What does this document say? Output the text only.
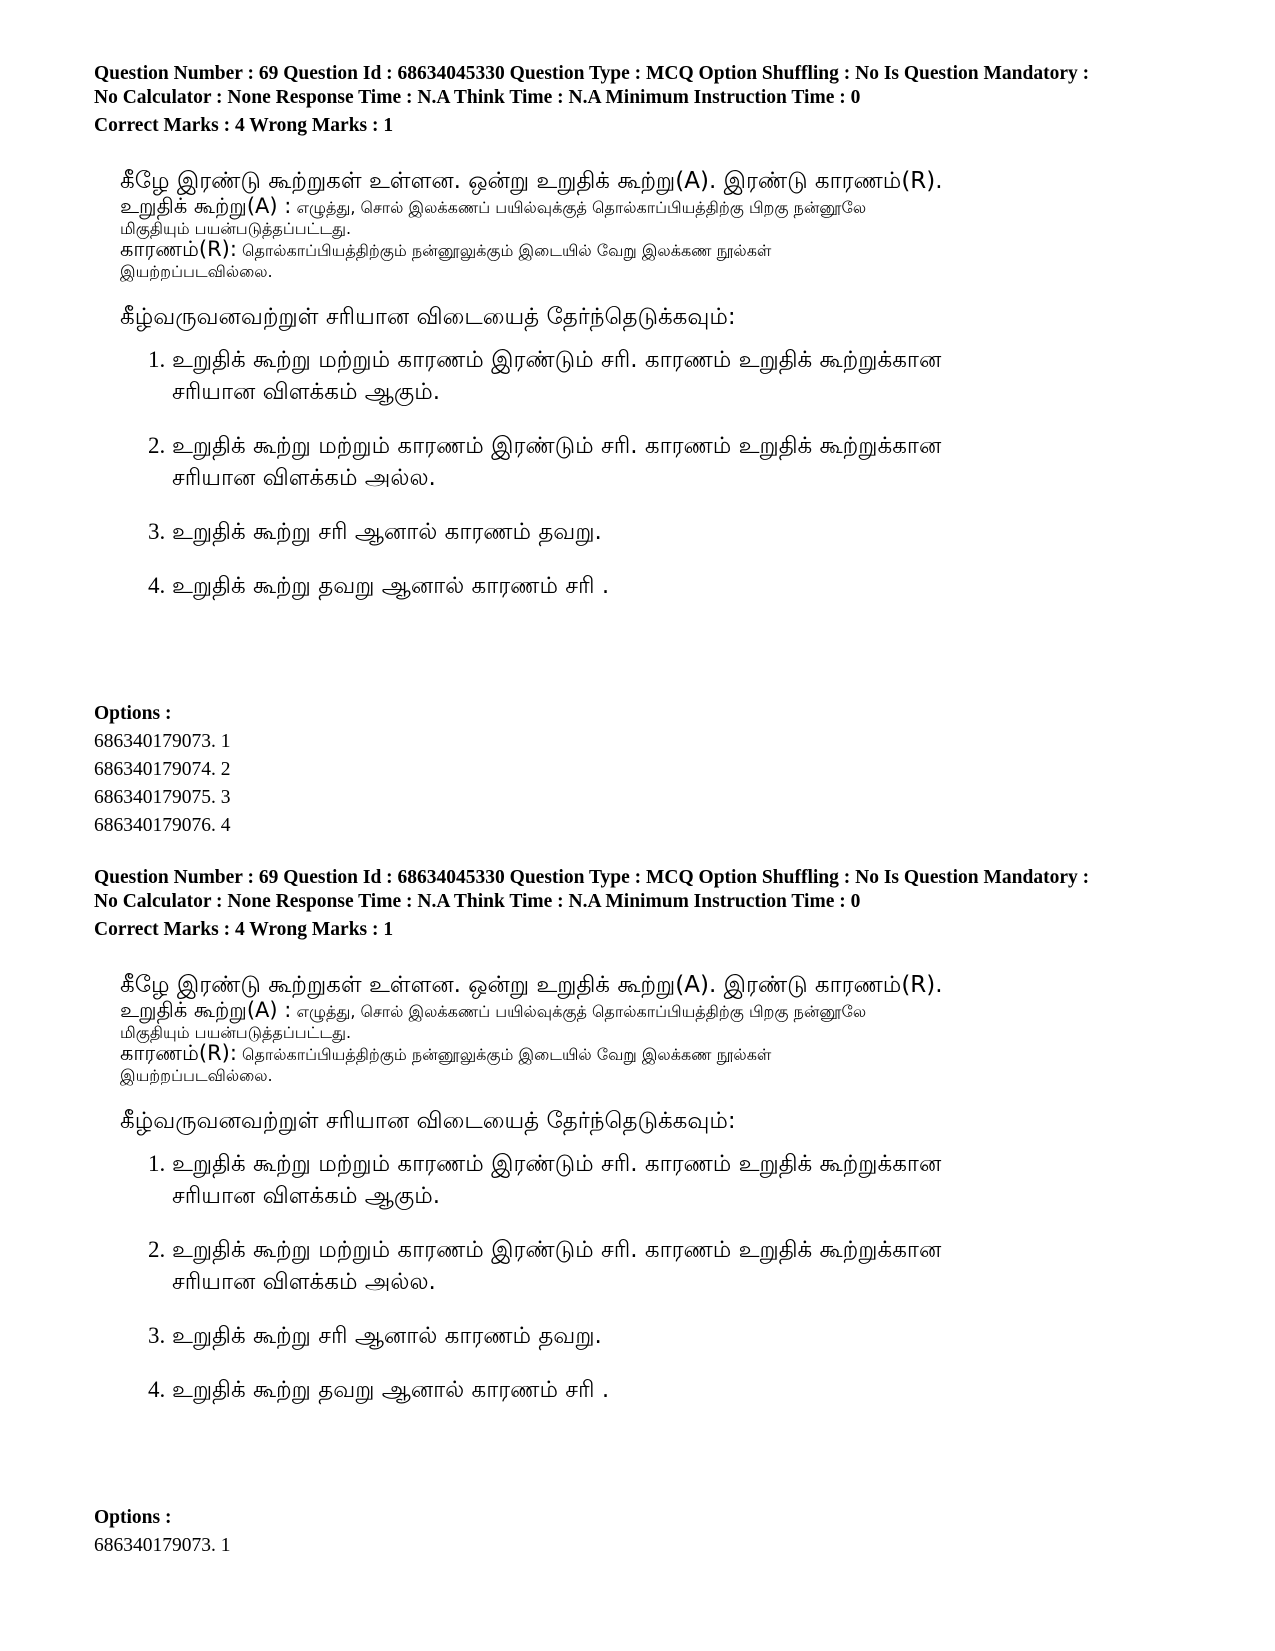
Question Number : 69 Question Id : 68634045330 Question Type : MCQ Option Shuffling : No Is Question Mandatory :
No Calculator : None Response Time : N.A Think Time : N.A Minimum Instruction Time : 0
Correct Marks : 4 Wrong Marks : 1
கீழே இரண்டு கூற்றுகள் உள்ளன. ஒன்று உறுதிக் கூற்று(A). இரண்டு காரணம்(R).
உறுதிக் கூற்று(A) : எழுத்து, சொல் இலக்கணப் பயில்வுக்குத் தொல்காப்பியத்திற்கு பிறகு நன்னூலே
மிகுதியும் பயன்படுத்தப்பட்டது.
காரணம்(R): தொல்காப்பியத்திற்கும் நன்னூலுக்கும் இடையில் வேறு இலக்கண நூல்கள்
இயற்றப்படவில்லை.
கீழ்வருவனவற்றுள் சரியான விடையைத் தேர்ந்தெடுக்கவும்:
1. உறுதிக் கூற்று மற்றும் காரணம் இரண்டும் சரி. காரணம் உறுதிக் கூற்றுக்கான
சரியான விளக்கம் ஆகும்.
2. உறுதிக் கூற்று மற்றும் காரணம் இரண்டும் சரி. காரணம் உறுதிக் கூற்றுக்கான
சரியான விளக்கம் அல்ல.
3. உறுதிக் கூற்று சரி ஆனால் காரணம் தவறு.
4. உறுதிக் கூற்று தவறு ஆனால் காரணம் சரி .
Options :
686340179073. 1
686340179074. 2
686340179075. 3
686340179076. 4
Question Number : 69 Question Id : 68634045330 Question Type : MCQ Option Shuffling : No Is Question Mandatory :
No Calculator : None Response Time : N.A Think Time : N.A Minimum Instruction Time : 0
Correct Marks : 4 Wrong Marks : 1
கீழே இரண்டு கூற்றுகள் உள்ளன. ஒன்று உறுதிக் கூற்று(A). இரண்டு காரணம்(R).
உறுதிக் கூற்று(A) : எழுத்து, சொல் இலக்கணப் பயில்வுக்குத் தொல்காப்பியத்திற்கு பிறகு நன்னூலே
மிகுதியும் பயன்படுத்தப்பட்டது.
காரணம்(R): தொல்காப்பியத்திற்கும் நன்னூலுக்கும் இடையில் வேறு இலக்கண நூல்கள்
இயற்றப்படவில்லை.
கீழ்வருவனவற்றுள் சரியான விடையைத் தேர்ந்தெடுக்கவும்:
1. உறுதிக் கூற்று மற்றும் காரணம் இரண்டும் சரி. காரணம் உறுதிக் கூற்றுக்கான
சரியான விளக்கம் ஆகும்.
2. உறுதிக் கூற்று மற்றும் காரணம் இரண்டும் சரி. காரணம் உறுதிக் கூற்றுக்கான
சரியான விளக்கம் அல்ல.
3. உறுதிக் கூற்று சரி ஆனால் காரணம் தவறு.
4. உறுதிக் கூற்று தவறு ஆனால் காரணம் சரி .
Options :
686340179073. 1
